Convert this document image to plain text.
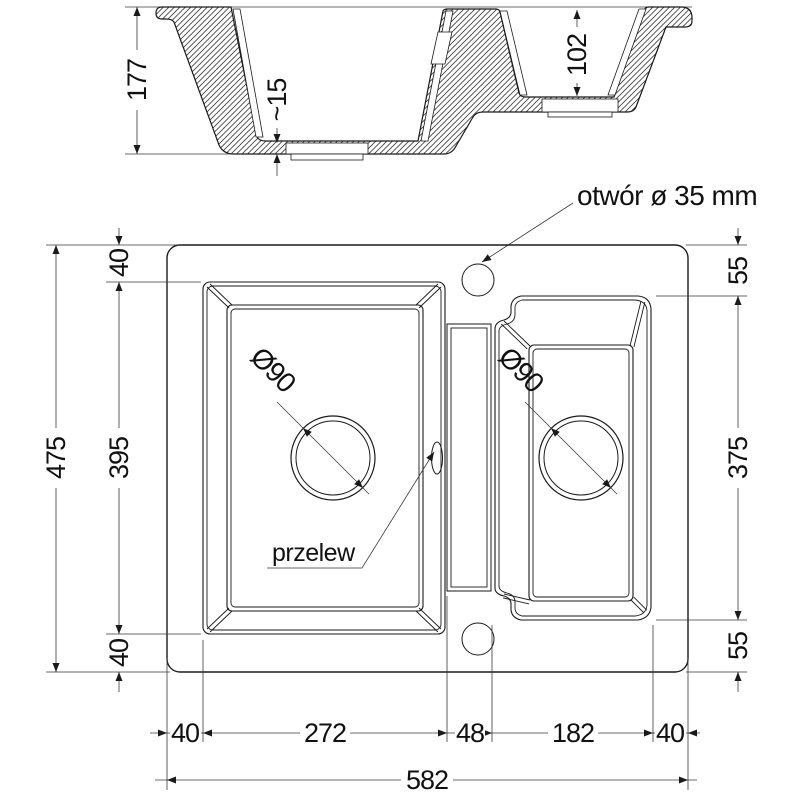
177	~15
102
otwór ø 35 mm
Ø90	Ø90
przelew
475
40
395
40
55
375
55
40	272	48	182 40
582
